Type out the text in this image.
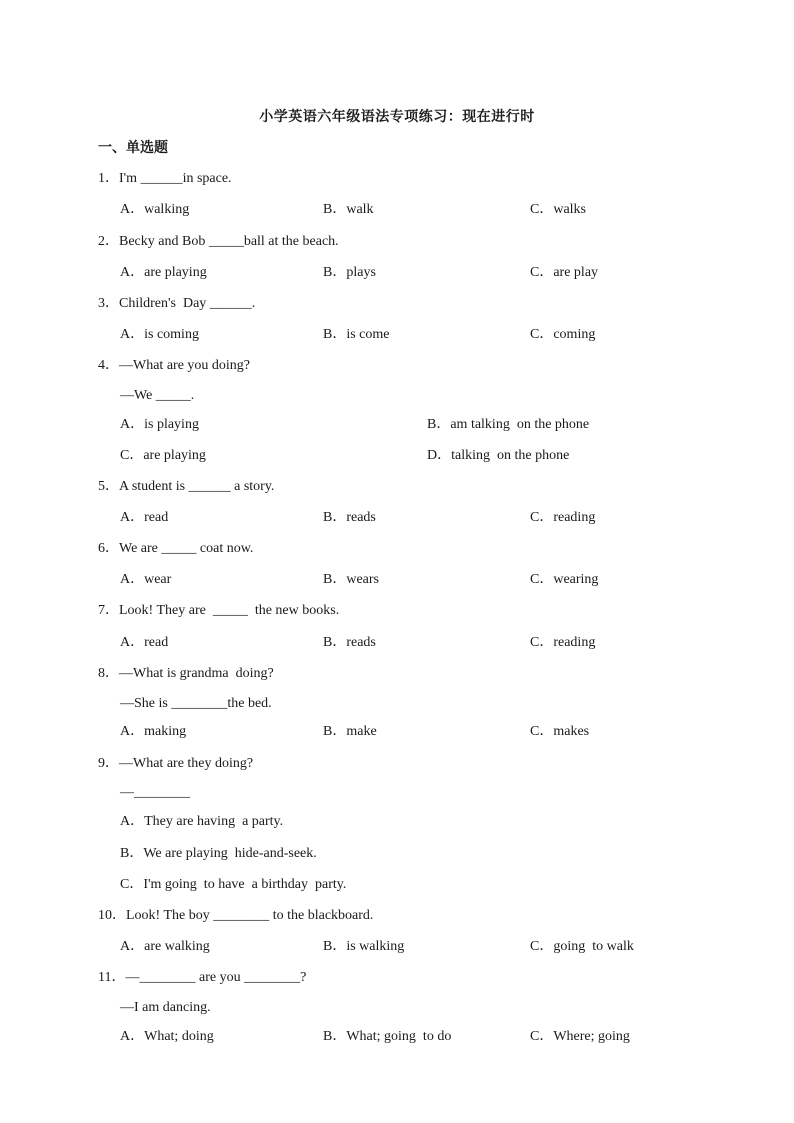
小学英语六年级语法专项练习：现在进行时
一、单选题
1．I'm ______in space.
A．walking	B．walk	C．walks
2．Becky and Bob _____ball at the beach.
A．are playing	B．plays	C．are play
3．Children's  Day ______.
A．is coming	B．is come	C．coming
4．—What are you doing?
—We _____.
A．is playing	B．am talking  on the phone
C．are playing	D．talking  on the phone
5．A student is ______ a story.
A．read	B．reads	C．reading
6．We are _____ coat now.
A．wear	B．wears	C．wearing
7．Look! They are  _____  the new books.
A．read	B．reads	C．reading
8．—What is grandma  doing?
—She is ________the bed.
A．making	B．make	C．makes
9．—What are they doing?
—________
A．They are having  a party.
B．We are playing  hide-and-seek.
C．I'm going  to have  a birthday  party.
10．Look! The boy ________ to the blackboard.
A．are walking	B．is walking	C．going  to walk
11．—________ are you ________?
—I am dancing.
A．What; doing	B．What; going  to do	C．Where; going
